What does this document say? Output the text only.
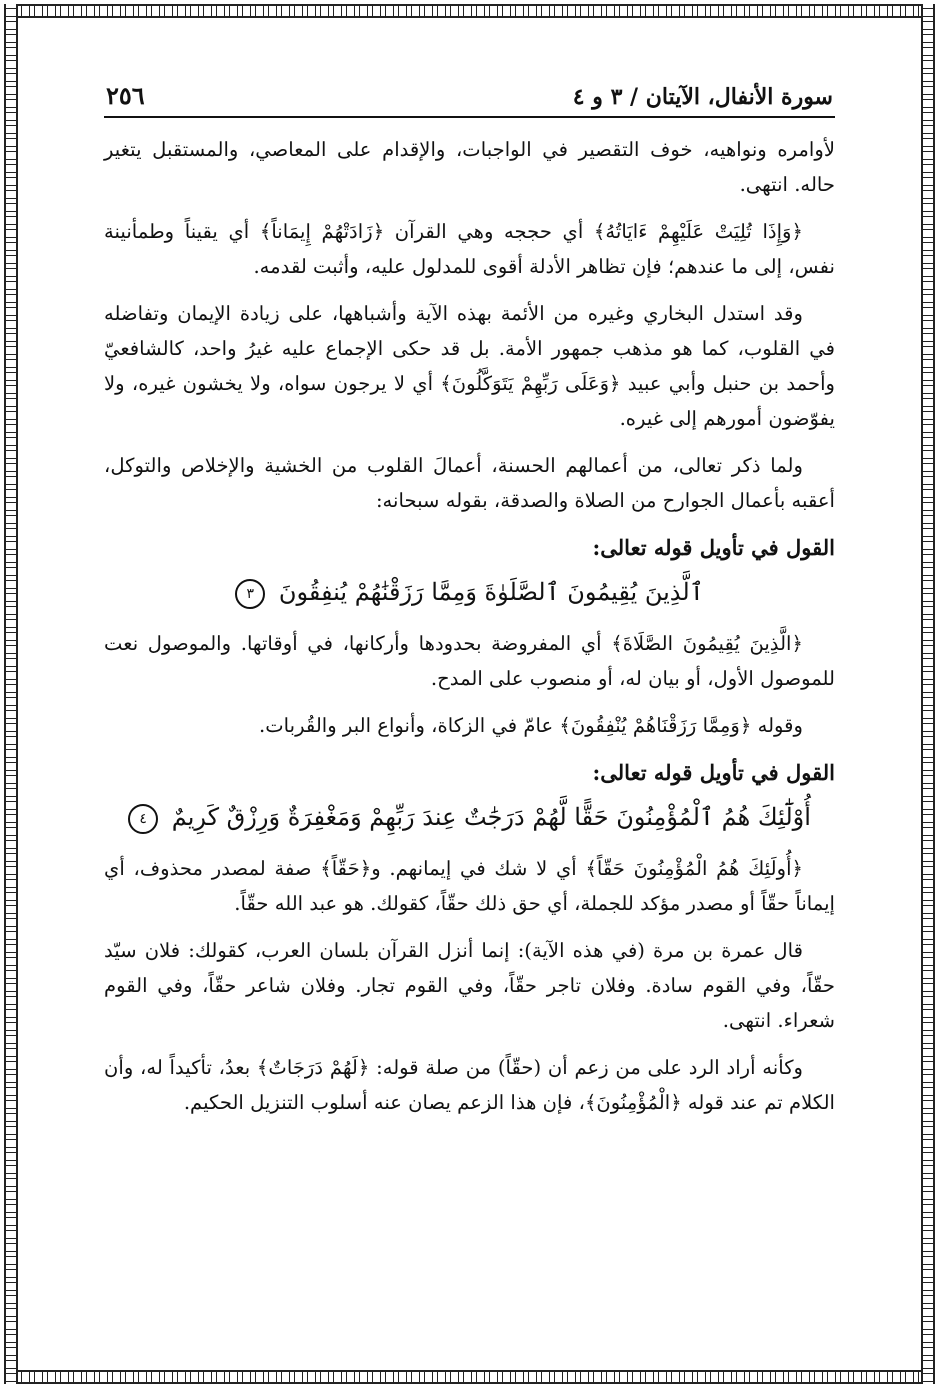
سورة الأنفال، الآيتان / ٣ و ٤
٢٥٦

لأوامره ونواهيه، خوف التقصير في الواجبات، والإقدام على المعاصي، والمستقبل يتغير حاله. انتهى.

﴿وَإِذَا تُلِيَتْ عَلَيْهِمْ ءَايَاتُهُ﴾ أي حججه وهي القرآن ﴿زَادَتْهُمْ إِيمَاناً﴾ أي يقيناً وطمأنينة نفس، إلى ما عندهم؛ فإن تظاهر الأدلة أقوى للمدلول عليه، وأثبت لقدمه.

وقد استدل البخاري وغيره من الأئمة بهذه الآية وأشباهها، على زيادة الإيمان وتفاضله في القلوب، كما هو مذهب جمهور الأمة. بل قد حكى الإجماع عليه غيرُ واحد، كالشافعيّ وأحمد بن حنبل وأبي عبيد ﴿وَعَلَى رَبِّهِمْ يَتَوَكَّلُونَ﴾ أي لا يرجون سواه، ولا يخشون غيره، ولا يفوّضون أمورهم إلى غيره.

ولما ذكر تعالى، من أعمالهم الحسنة، أعمالَ القلوب من الخشية والإخلاص والتوكل، أعقبه بأعمال الجوارح من الصلاة والصدقة، بقوله سبحانه:

القول في تأويل قوله تعالى:
ٱلَّذِينَ يُقِيمُونَ ٱلصَّلَوٰةَ وَمِمَّا رَزَقْنَٰهُمْ يُنفِقُونَ ٣

﴿الَّذِينَ يُقِيمُونَ الصَّلَاةَ﴾ أي المفروضة بحدودها وأركانها، في أوقاتها. والموصول نعت للموصول الأول، أو بيان له، أو منصوب على المدح.

وقوله ﴿وَمِمَّا رَزَقْنَاهُمْ يُنْفِقُونَ﴾ عامّ في الزكاة، وأنواع البر والقُربات.

القول في تأويل قوله تعالى:
أُوْلَٰٓئِكَ هُمُ ٱلْمُؤْمِنُونَ حَقًّا لَّهُمْ دَرَجَٰتٌ عِندَ رَبِّهِمْ وَمَغْفِرَةٌ وَرِزْقٌ كَرِيمٌ ٤

﴿أُولَئِكَ هُمُ الْمُؤْمِنُونَ حَقّاً﴾ أي لا شك في إيمانهم. و﴿حَقّاً﴾ صفة لمصدر محذوف، أي إيماناً حقّاً أو مصدر مؤكد للجملة، أي حق ذلك حقّاً، كقولك. هو عبد الله حقّاً.

قال عمرة بن مرة (في هذه الآية): إنما أنزل القرآن بلسان العرب، كقولك: فلان سيّد حقّاً، وفي القوم سادة. وفلان تاجر حقّاً، وفي القوم تجار. وفلان شاعر حقّاً، وفي القوم شعراء. انتهى.

وكأنه أراد الرد على من زعم أن (حقّاً) من صلة قوله: ﴿لَهُمْ دَرَجَاتٌ﴾ بعدُ، تأكيداً له، وأن الكلام تم عند قوله ﴿الْمُؤْمِنُونَ﴾، فإن هذا الزعم يصان عنه أسلوب التنزيل الحكيم.
